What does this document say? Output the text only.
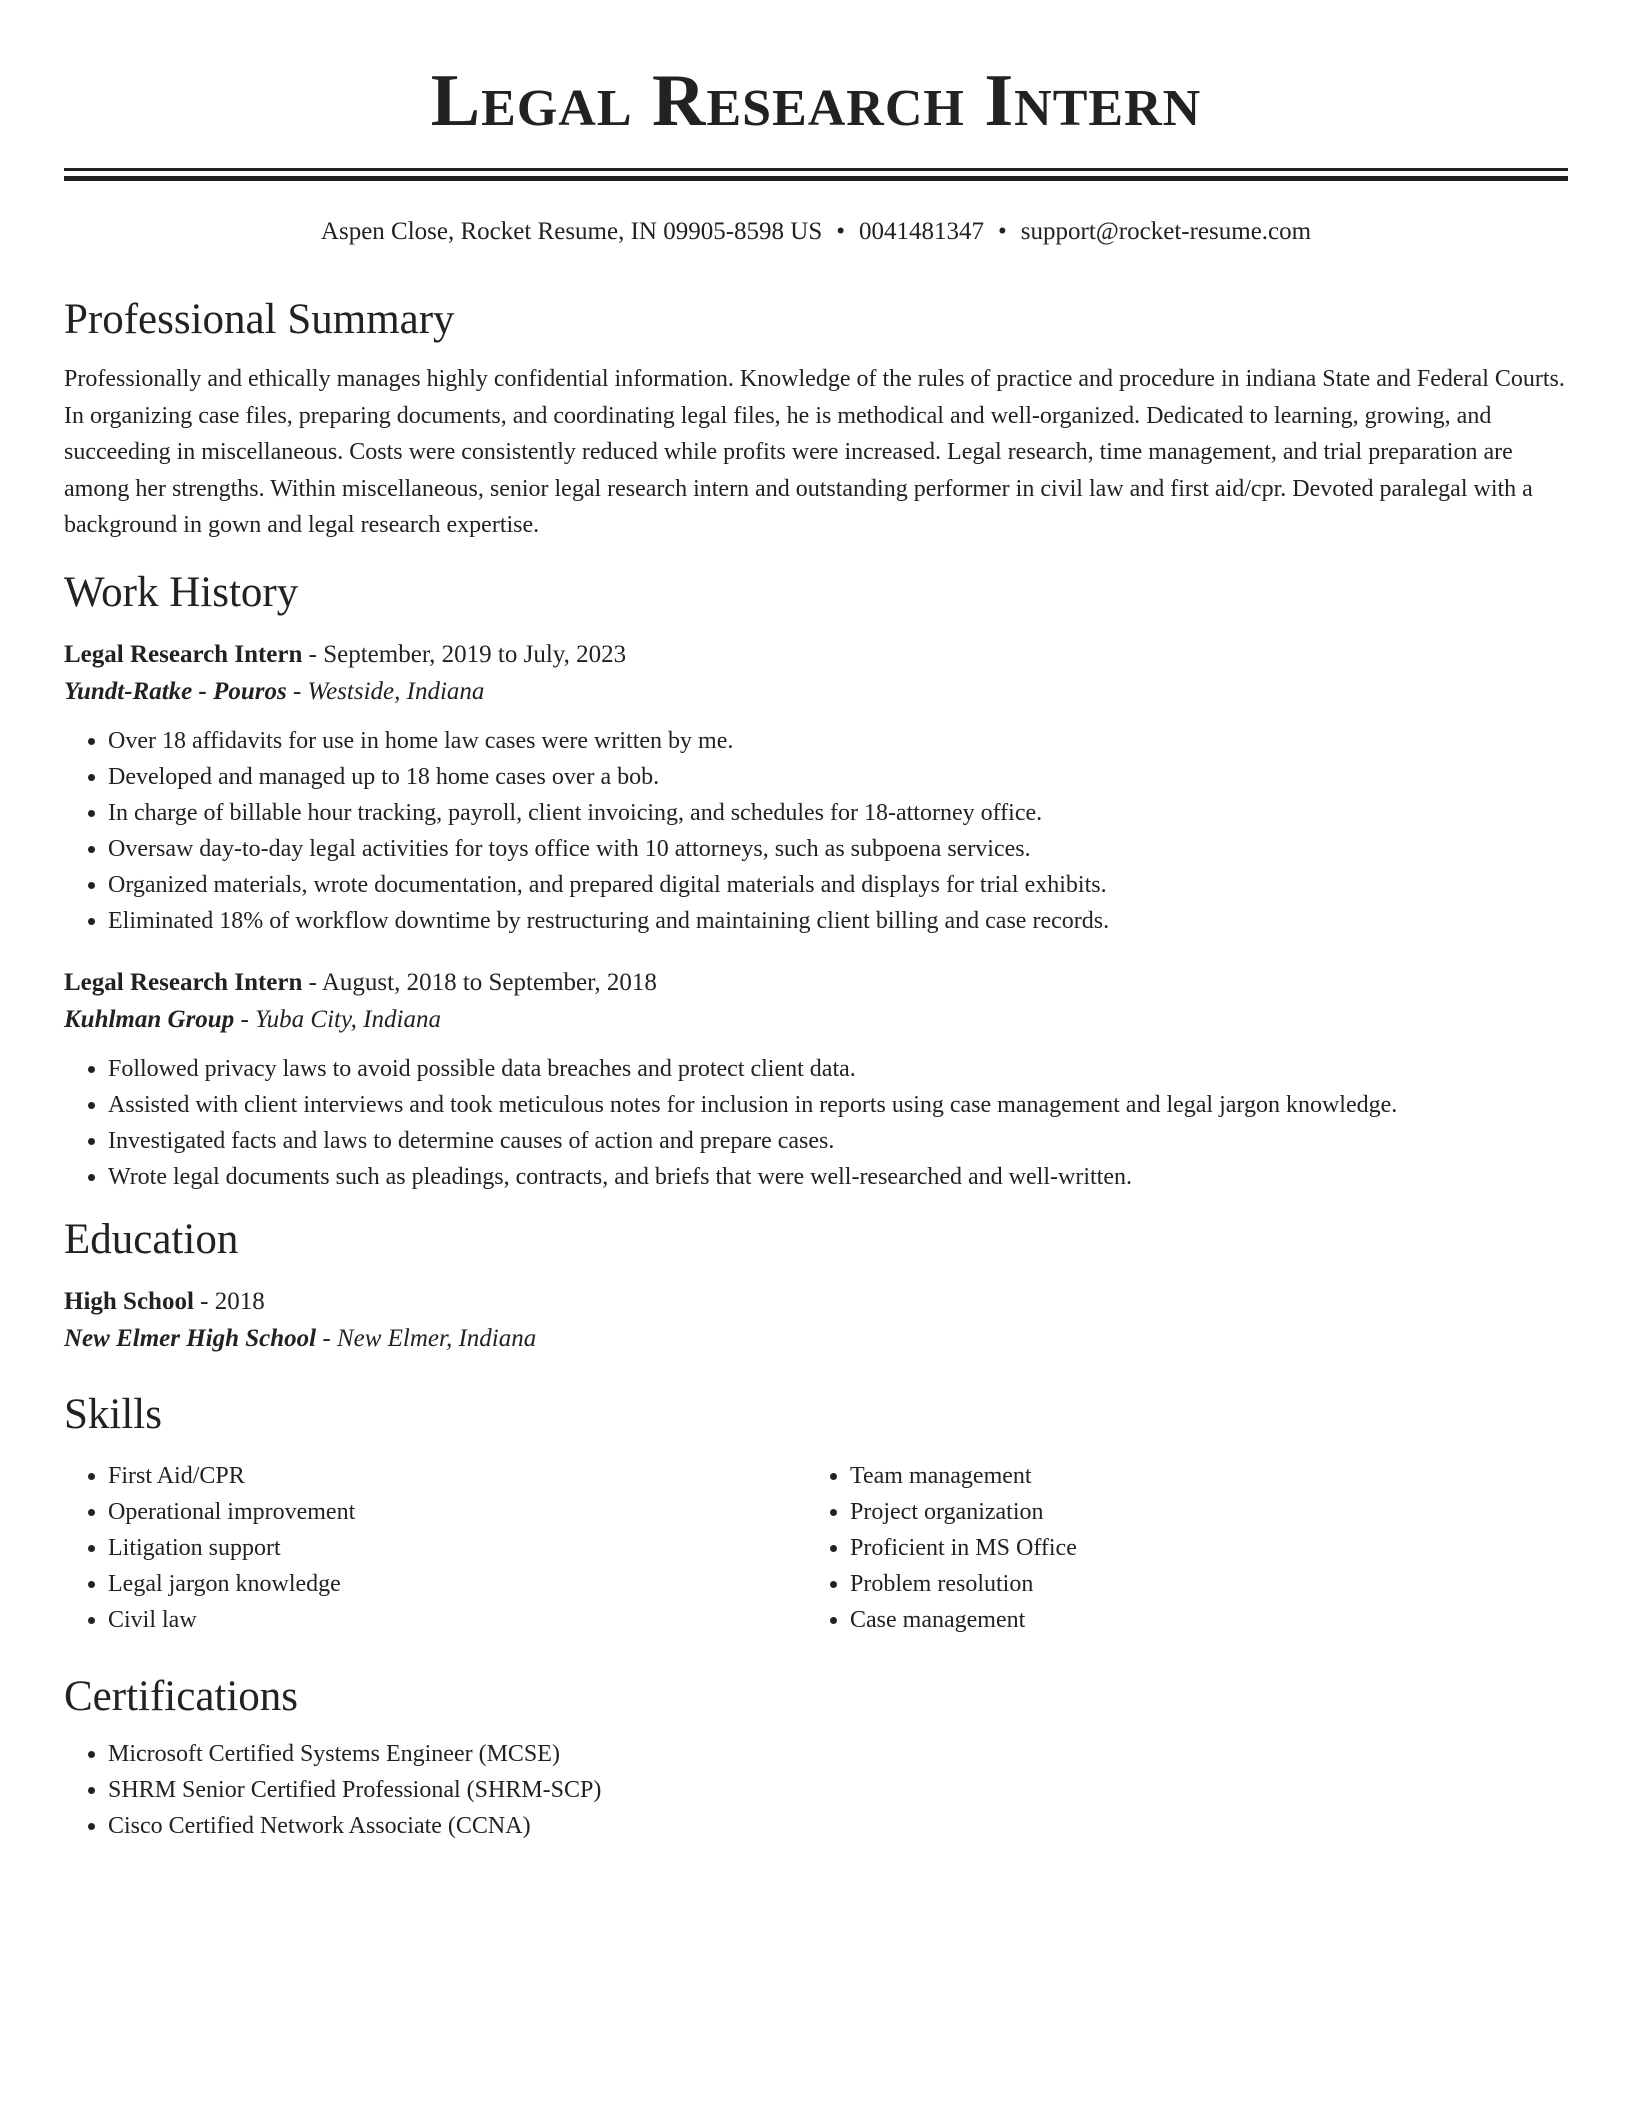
Legal Research Intern
Aspen Close, Rocket Resume, IN 09905-8598 US • 0041481347 • support@rocket-resume.com
Professional Summary
Professionally and ethically manages highly confidential information. Knowledge of the rules of practice and procedure in indiana State and Federal Courts. In organizing case files, preparing documents, and coordinating legal files, he is methodical and well-organized. Dedicated to learning, growing, and succeeding in miscellaneous. Costs were consistently reduced while profits were increased. Legal research, time management, and trial preparation are among her strengths. Within miscellaneous, senior legal research intern and outstanding performer in civil law and first aid/cpr. Devoted paralegal with a background in gown and legal research expertise.
Work History
Legal Research Intern - September, 2019 to July, 2023
Yundt-Ratke - Pouros - Westside, Indiana
• Over 18 affidavits for use in home law cases were written by me.
• Developed and managed up to 18 home cases over a bob.
• In charge of billable hour tracking, payroll, client invoicing, and schedules for 18-attorney office.
• Oversaw day-to-day legal activities for toys office with 10 attorneys, such as subpoena services.
• Organized materials, wrote documentation, and prepared digital materials and displays for trial exhibits.
• Eliminated 18% of workflow downtime by restructuring and maintaining client billing and case records.
Legal Research Intern - August, 2018 to September, 2018
Kuhlman Group - Yuba City, Indiana
• Followed privacy laws to avoid possible data breaches and protect client data.
• Assisted with client interviews and took meticulous notes for inclusion in reports using case management and legal jargon knowledge.
• Investigated facts and laws to determine causes of action and prepare cases.
• Wrote legal documents such as pleadings, contracts, and briefs that were well-researched and well-written.
Education
High School - 2018
New Elmer High School - New Elmer, Indiana
Skills
• First Aid/CPR
• Operational improvement
• Litigation support
• Legal jargon knowledge
• Civil law
• Team management
• Project organization
• Proficient in MS Office
• Problem resolution
• Case management
Certifications
• Microsoft Certified Systems Engineer (MCSE)
• SHRM Senior Certified Professional (SHRM-SCP)
• Cisco Certified Network Associate (CCNA)
